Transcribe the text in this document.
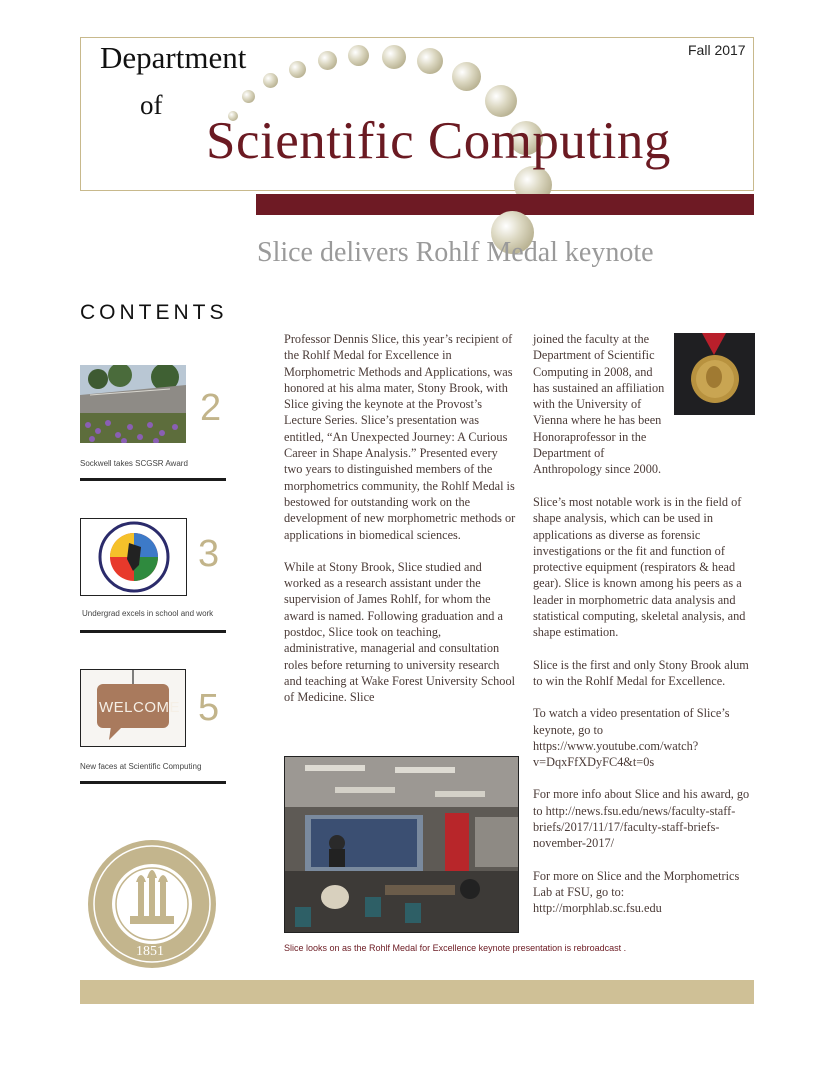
Department
of
Fall 2017
Scientific Computing
Slice delivers Rohlf Medal keynote
CONTENTS
2
Sockwell takes SCGSR Award
3
Undergrad excels in school and work
WELCOME 5
New faces at Scientific Computing
1851

Professor Dennis Slice, this year’s recipient of the Rohlf Medal for Excellence in Morphometric Methods and Applications, was honored at his alma mater, Stony Brook, with Slice giving the keynote at the Provost’s Lecture Series. Slice’s presentation was entitled, “An Unexpected Journey: A Curious Career in Shape Analysis.” Presented every two years to distinguished members of the morphometrics community, the Rohlf Medal is bestowed for outstanding work on the development of new morphometric methods or applications in biomedical sciences.

While at Stony Brook, Slice studied and worked as a research assistant under the supervision of James Rohlf, for whom the award is named. Following graduation and a postdoc, Slice took on teaching, administrative, managerial and consultation roles before returning to university research and teaching at Wake Forest University School of Medicine. Slice

Slice looks on as the Rohlf Medal for Excellence keynote presentation is rebroadcast .
joined the faculty at the Department of Scientific Computing in 2008, and has sustained an affiliation with the University of Vienna where he has been Honoraprofessor in the Department of Anthropology since 2000.

Slice’s most notable work is in the field of shape analysis, which can be used in applications as diverse as forensic investigations or the fit and function of protective equipment (respirators & head gear). Slice is known among his peers as a leader in morphometric data analysis and statistical computing, skeletal analysis, and shape estimation.

Slice is the first and only Stony Brook alum to win the Rohlf Medal for Excellence.

To watch a video presentation of Slice’s keynote, go to https://www.youtube.com/watch?v=DqxFfXDyFC4&t=0s

For more info about Slice and his award, go to http://news.fsu.edu/news/faculty-staff-briefs/2017/11/17/faculty-staff-briefs-november-2017/

For more on Slice and the Morphometrics Lab at FSU, go to: http://morphlab.sc.fsu.edu
